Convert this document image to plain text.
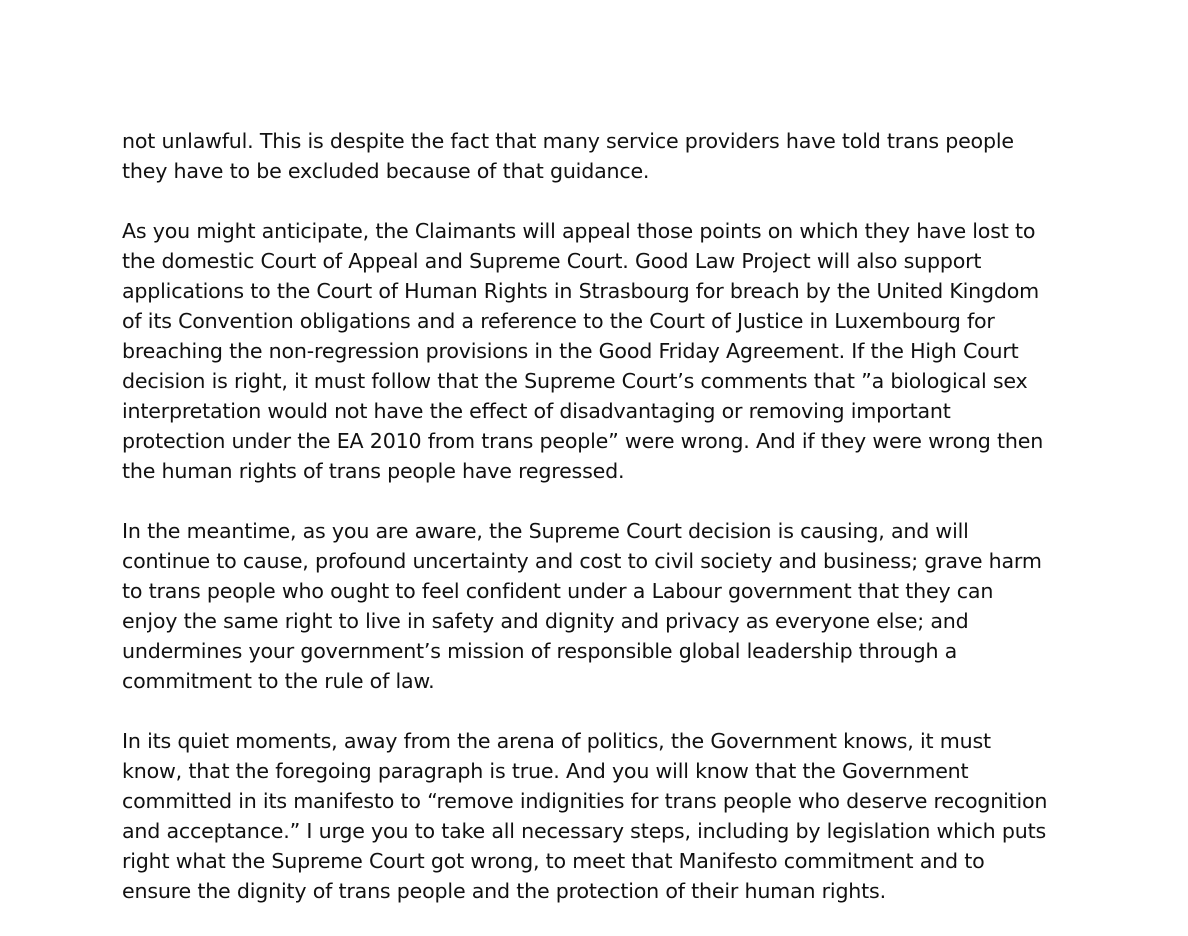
not unlawful. This is despite the fact that many service providers have told trans people
they have to be excluded because of that guidance.

As you might anticipate, the Claimants will appeal those points on which they have lost to
the domestic Court of Appeal and Supreme Court. Good Law Project will also support
applications to the Court of Human Rights in Strasbourg for breach by the United Kingdom
of its Convention obligations and a reference to the Court of Justice in Luxembourg for
breaching the non-regression provisions in the Good Friday Agreement. If the High Court
decision is right, it must follow that the Supreme Court’s comments that ”a biological sex
interpretation would not have the effect of disadvantaging or removing important
protection under the EA 2010 from trans people” were wrong. And if they were wrong then
the human rights of trans people have regressed.

In the meantime, as you are aware, the Supreme Court decision is causing, and will
continue to cause, profound uncertainty and cost to civil society and business; grave harm
to trans people who ought to feel confident under a Labour government that they can
enjoy the same right to live in safety and dignity and privacy as everyone else; and
undermines your government’s mission of responsible global leadership through a
commitment to the rule of law.

In its quiet moments, away from the arena of politics, the Government knows, it must
know, that the foregoing paragraph is true. And you will know that the Government
committed in its manifesto to “remove indignities for trans people who deserve recognition
and acceptance.” I urge you to take all necessary steps, including by legislation which puts
right what the Supreme Court got wrong, to meet that Manifesto commitment and to
ensure the dignity of trans people and the protection of their human rights.
